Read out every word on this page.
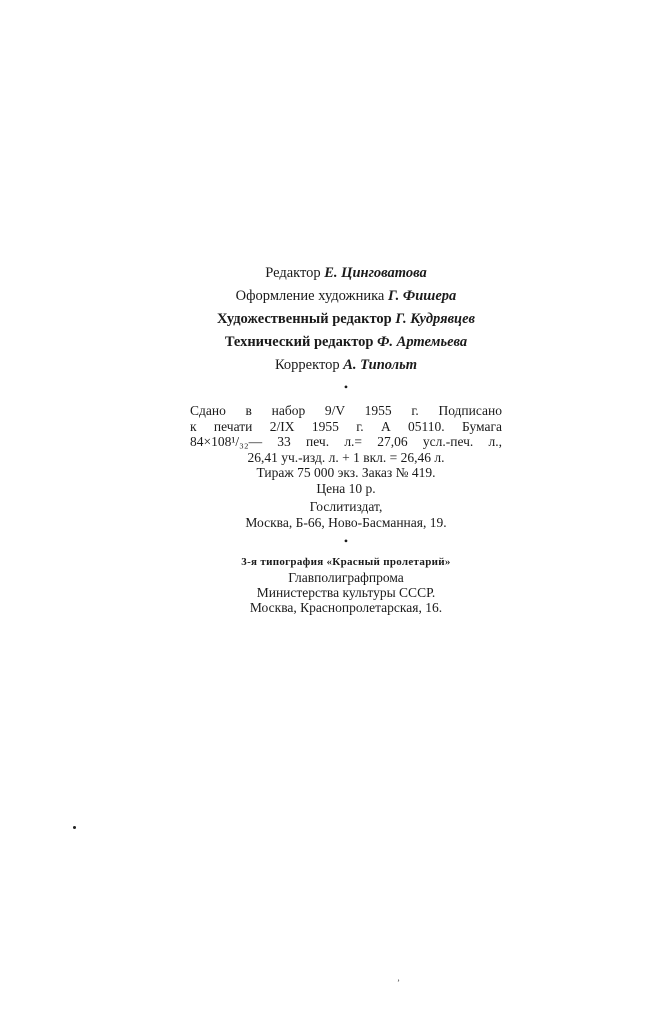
Редактор Е. Цинговатова
Оформление художника Г. Фишера
Художественный редактор Г. Кудрявцев
Технический редактор Ф. Артемьева
Корректор А. Типольт
•
Сдано в набор 9/V 1955 г. Подписано
к печати 2/IX 1955 г. А 05110. Бумага
84×108¹/₃₂— 33 печ. л.= 27,06 усл.-печ. л.,
26,41 уч.-изд. л. + 1 вкл. = 26,46 л.
Тираж 75 000 экз. Заказ № 419.
Цена 10 р.
Гослитиздат,
Москва, Б-66, Ново-Басманная, 19.
•
3-я типография «Красный пролетарий»
Главполиграфпрома
Министерства культуры СССР.
Москва, Краснопролетарская, 16.
’
